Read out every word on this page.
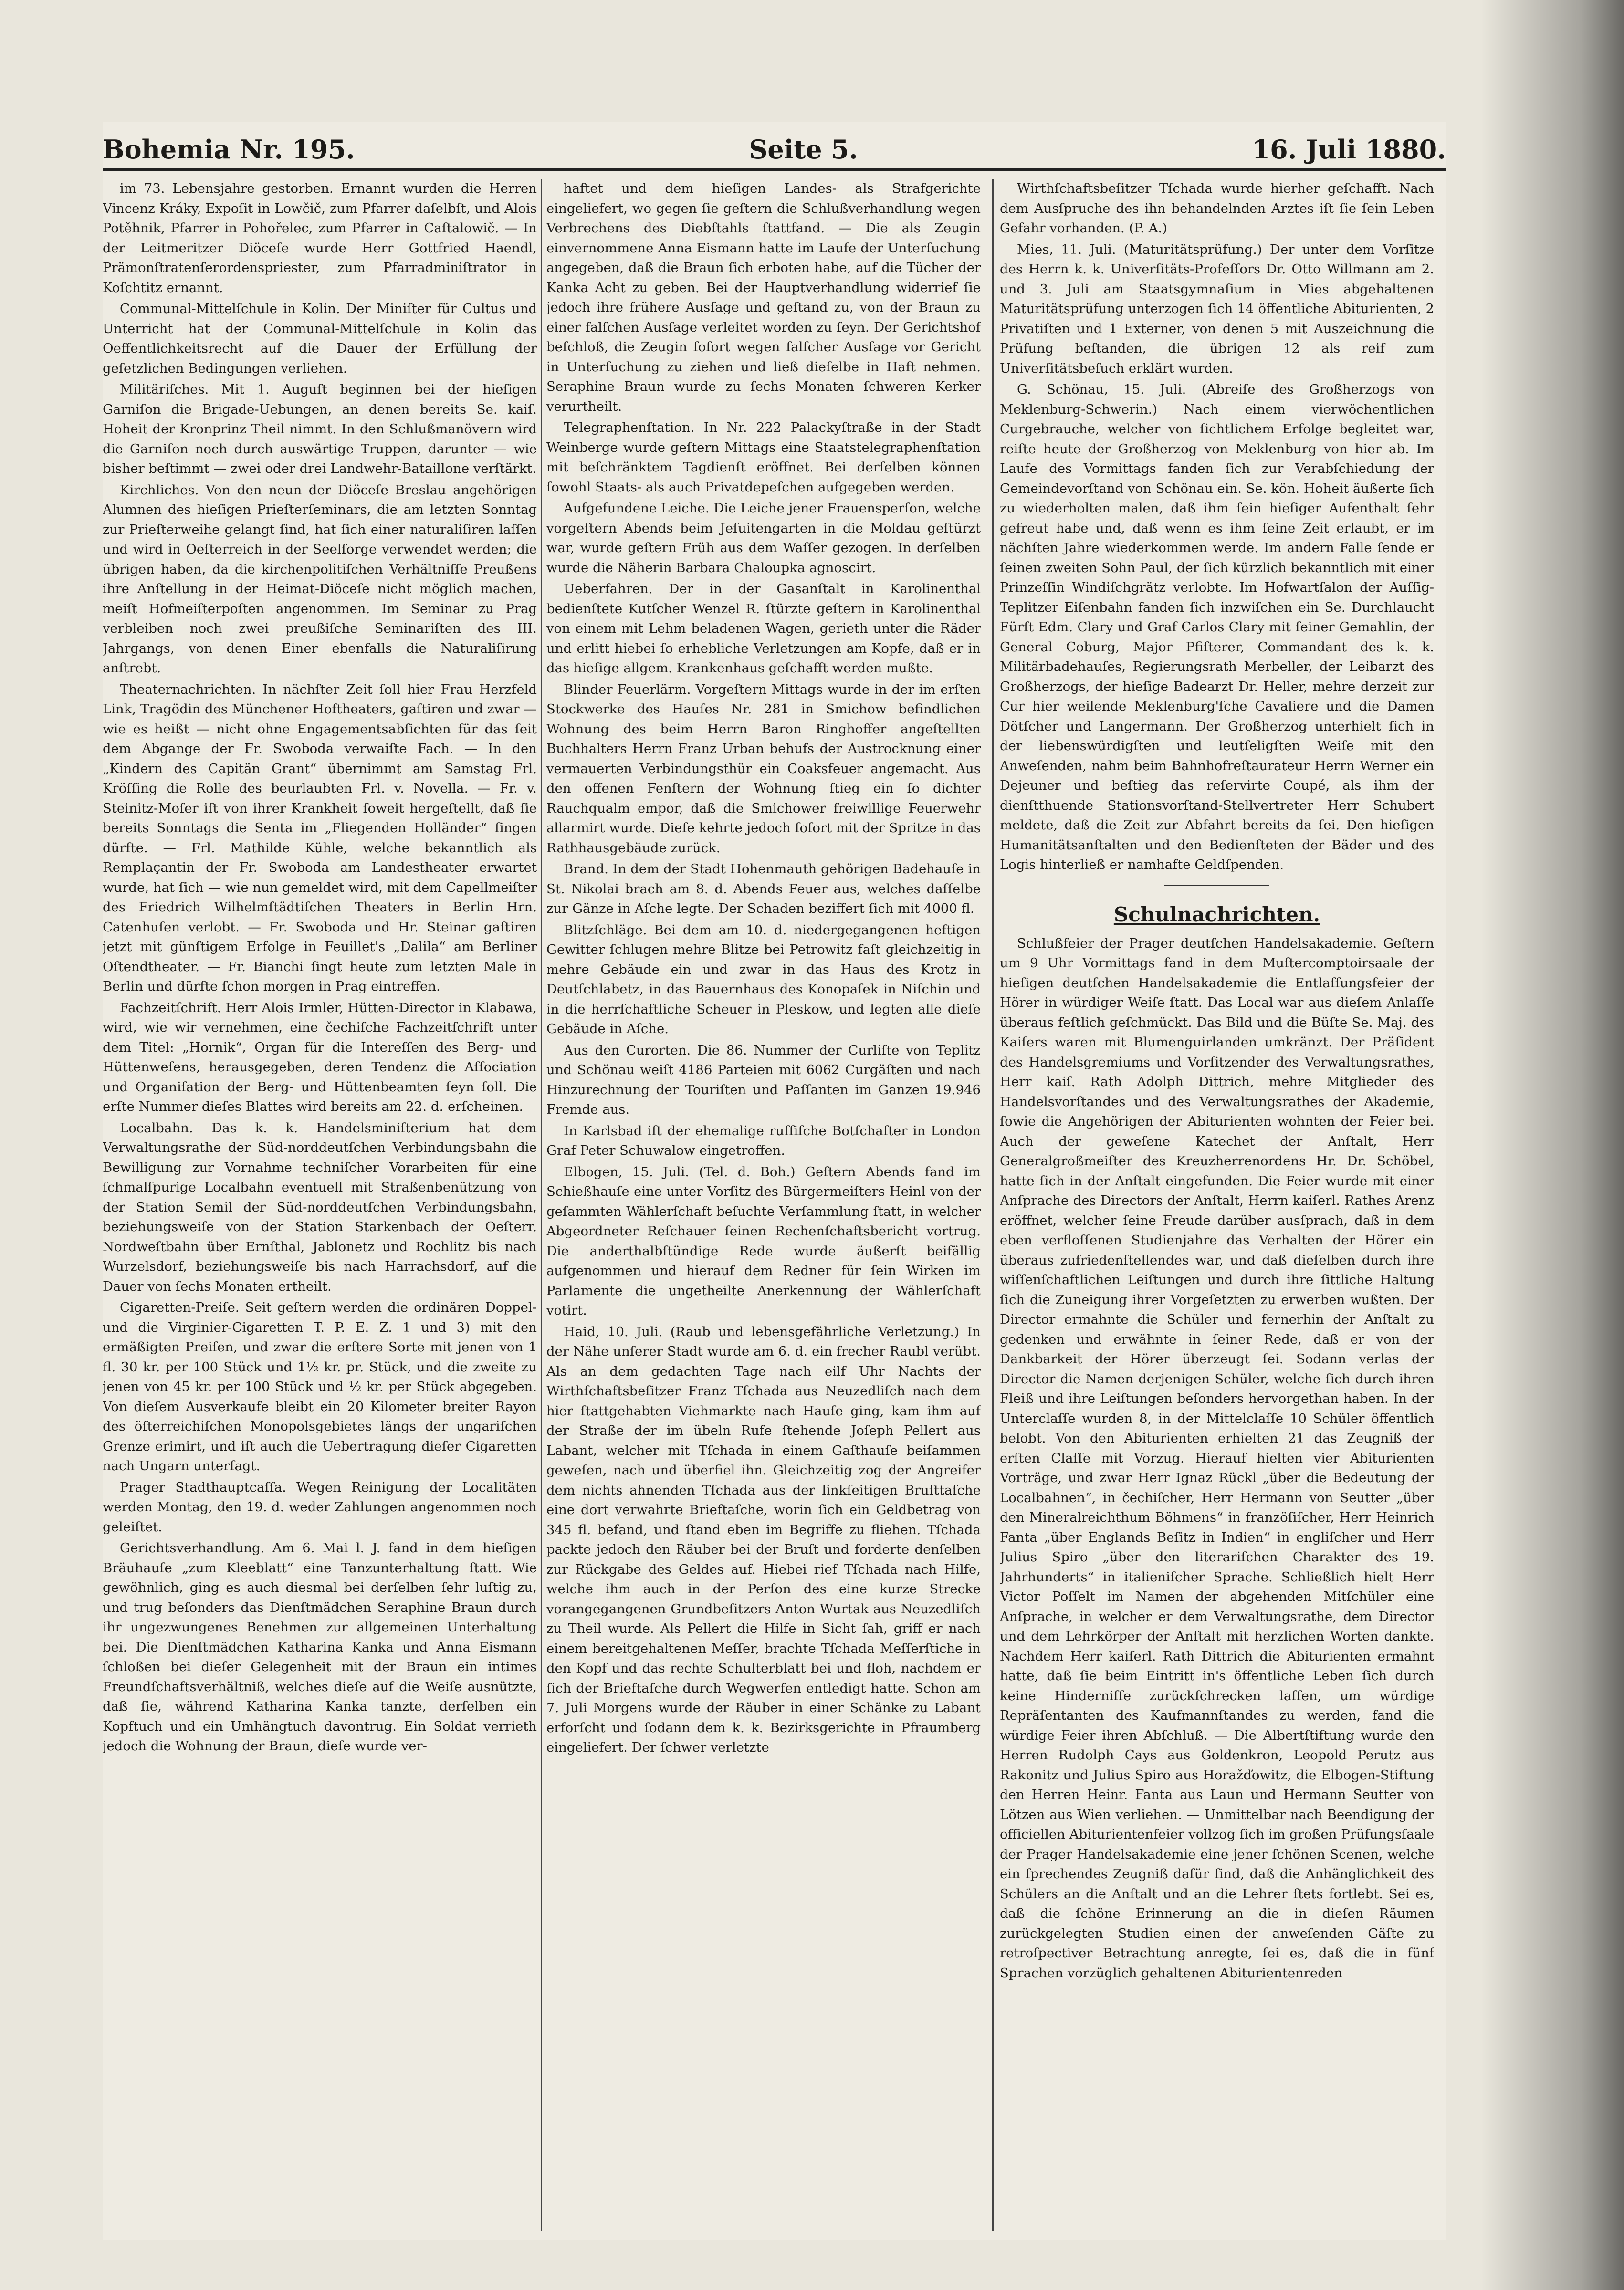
Bohemia Nr. 195.	Seite 5.	16. Juli 1880.

im 73. Lebensjahre gestorben. Ernannt wurden die Herren Vincenz Kráky, Expoſit in Lowčič, zum Pfarrer daſelbſt, und Alois Potěhnik, Pfarrer in Pohořelec, zum Pfarrer in Caſtalowič. — In der Leitmeritzer Diöceſe wurde Herr Gottfried Haendl, Prämonſtratenſerordenspriester, zum Pfarradminiſtrator in Koſchtitz ernannt.

Communal-Mittelſchule in Kolin. Der Miniſter für Cultus und Unterricht hat der Communal-Mittelſchule in Kolin das Oeffentlichkeitsrecht auf die Dauer der Erfüllung der geſetzlichen Bedingungen verliehen.

Militäriſches. Mit 1. Auguſt beginnen bei der hieſigen Garniſon die Brigade-Uebungen, an denen bereits Se. kaiſ. Hoheit der Kronprinz Theil nimmt. In den Schlußmanövern wird die Garniſon noch durch auswärtige Truppen, darunter — wie bisher beſtimmt — zwei oder drei Landwehr-Bataillone verſtärkt.

Kirchliches. Von den neun der Diöceſe Breslau angehörigen Alumnen des hieſigen Prieſterſeminars, die am letzten Sonntag zur Prieſterweihe gelangt ſind, hat ſich einer naturaliſiren laſſen und wird in Oeſterreich in der Seelſorge verwendet werden; die übrigen haben, da die kirchenpolitiſchen Verhältniſſe Preußens ihre Anſtellung in der Heimat-Diöceſe nicht möglich machen, meiſt Hofmeiſterpoſten angenommen. Im Seminar zu Prag verbleiben noch zwei preußiſche Seminariſten des III. Jahrgangs, von denen Einer ebenfalls die Naturaliſirung anſtrebt.

Theaternachrichten. In nächſter Zeit ſoll hier Frau Herzfeld Link, Tragödin des Münchener Hoftheaters, gaſtiren und zwar — wie es heißt — nicht ohne Engagementsabſichten für das ſeit dem Abgange der Fr. Swoboda verwaiſte Fach. — In den „Kindern des Capitän Grant“ übernimmt am Samstag Frl. Kröſſing die Rolle des beurlaubten Frl. v. Novella. — Fr. v. Steinitz-Moſer iſt von ihrer Krankheit ſoweit hergeſtellt, daß ſie bereits Sonntags die Senta im „Fliegenden Holländer“ ſingen dürfte. — Frl. Mathilde Kühle, welche bekanntlich als Remplaçantin der Fr. Swoboda am Landestheater erwartet wurde, hat ſich — wie nun gemeldet wird, mit dem Capellmeiſter des Friedrich Wilhelmſtädtiſchen Theaters in Berlin Hrn. Catenhuſen verlobt. — Fr. Swoboda und Hr. Steinar gaſtiren jetzt mit günſtigem Erfolge in Feuillet's „Dalila“ am Berliner Oſtendtheater. — Fr. Bianchi ſingt heute zum letzten Male in Berlin und dürfte ſchon morgen in Prag eintreffen.

Fachzeitſchrift. Herr Alois Irmler, Hütten-Director in Klabawa, wird, wie wir vernehmen, eine čechiſche Fachzeitſchrift unter dem Titel: „Hornik“, Organ für die Intereſſen des Berg- und Hüttenweſens, herausgegeben, deren Tendenz die Aſſociation und Organiſation der Berg- und Hüttenbeamten ſeyn ſoll. Die erſte Nummer dieſes Blattes wird bereits am 22. d. erſcheinen.

Localbahn. Das k. k. Handelsminiſterium hat dem Verwaltungsrathe der Süd-norddeutſchen Verbindungsbahn die Bewilligung zur Vornahme techniſcher Vorarbeiten für eine ſchmalſpurige Localbahn eventuell mit Straßenbenützung von der Station Semil der Süd-norddeutſchen Verbindungsbahn, beziehungsweiſe von der Station Starkenbach der Oeſterr. Nordweſtbahn über Ernſthal, Jablonetz und Rochlitz bis nach Wurzelsdorf, beziehungsweiſe bis nach Harrachsdorf, auf die Dauer von ſechs Monaten ertheilt.

Cigaretten-Preiſe. Seit geſtern werden die ordinären Doppel- und die Virginier-Cigaretten T. P. E. Z. 1 und 3) mit den ermäßigten Preiſen, und zwar die erſtere Sorte mit jenen von 1 fl. 30 kr. per 100 Stück und 1½ kr. pr. Stück, und die zweite zu jenen von 45 kr. per 100 Stück und ½ kr. per Stück abgegeben. Von dieſem Ausverkaufe bleibt ein 20 Kilometer breiter Rayon des öſterreichiſchen Monopolsgebietes längs der ungariſchen Grenze erimirt, und iſt auch die Uebertragung dieſer Cigaretten nach Ungarn unterſagt.

Prager Stadthauptcaſſa. Wegen Reinigung der Localitäten werden Montag, den 19. d. weder Zahlungen angenommen noch geleiſtet.

Gerichtsverhandlung. Am 6. Mai l. J. fand in dem hieſigen Bräuhauſe „zum Kleeblatt“ eine Tanzunterhaltung ſtatt. Wie gewöhnlich, ging es auch diesmal bei derſelben ſehr luſtig zu, und trug beſonders das Dienſtmädchen Seraphine Braun durch ihr ungezwungenes Benehmen zur allgemeinen Unterhaltung bei. Die Dienſtmädchen Katharina Kanka und Anna Eismann ſchloßen bei dieſer Gelegenheit mit der Braun ein intimes Freundſchaftsverhältniß, welches dieſe auf die Weiſe ausnützte, daß ſie, während Katharina Kanka tanzte, derſelben ein Kopftuch und ein Umhängtuch davontrug. Ein Soldat verrieth jedoch die Wohnung der Braun, dieſe wurde ver-

haftet und dem hieſigen Landes- als Strafgerichte eingeliefert, wo gegen ſie geſtern die Schlußverhandlung wegen Verbrechens des Diebſtahls ſtattfand. — Die als Zeugin einvernommene Anna Eismann hatte im Laufe der Unterſuchung angegeben, daß die Braun ſich erboten habe, auf die Tücher der Kanka Acht zu geben. Bei der Hauptverhandlung widerrief ſie jedoch ihre frühere Ausſage und geſtand zu, von der Braun zu einer falſchen Ausſage verleitet worden zu ſeyn. Der Gerichtshof beſchloß, die Zeugin ſofort wegen falſcher Ausſage vor Gericht in Unterſuchung zu ziehen und ließ dieſelbe in Haft nehmen. Seraphine Braun wurde zu ſechs Monaten ſchweren Kerker verurtheilt.

Telegraphenſtation. In Nr. 222 Palackyſtraße in der Stadt Weinberge wurde geſtern Mittags eine Staatstelegraphenſtation mit beſchränktem Tagdienſt eröffnet. Bei derſelben können ſowohl Staats- als auch Privatdepeſchen aufgegeben werden.

Aufgefundene Leiche. Die Leiche jener Frauensperſon, welche vorgeſtern Abends beim Jeſuitengarten in die Moldau geſtürzt war, wurde geſtern Früh aus dem Waſſer gezogen. In derſelben wurde die Näherin Barbara Chaloupka agnoscirt.

Ueberfahren. Der in der Gasanſtalt in Karolinenthal bedienſtete Kutſcher Wenzel R. ſtürzte geſtern in Karolinenthal von einem mit Lehm beladenen Wagen, gerieth unter die Räder und erlitt hiebei ſo erhebliche Verletzungen am Kopfe, daß er in das hieſige allgem. Krankenhaus geſchafft werden mußte.

Blinder Feuerlärm. Vorgeſtern Mittags wurde in der im erſten Stockwerke des Hauſes Nr. 281 in Smichow befindlichen Wohnung des beim Herrn Baron Ringhoffer angeſtellten Buchhalters Herrn Franz Urban behufs der Austrocknung einer vermauerten Verbindungsthür ein Coaksfeuer angemacht. Aus den offenen Fenſtern der Wohnung ſtieg ein ſo dichter Rauchqualm empor, daß die Smichower freiwillige Feuerwehr allarmirt wurde. Dieſe kehrte jedoch ſofort mit der Spritze in das Rathhausgebäude zurück.

Brand. In dem der Stadt Hohenmauth gehörigen Badehauſe in St. Nikolai brach am 8. d. Abends Feuer aus, welches daſſelbe zur Gänze in Aſche legte. Der Schaden beziffert ſich mit 4000 fl.

Blitzſchläge. Bei dem am 10. d. niedergegangenen heftigen Gewitter ſchlugen mehre Blitze bei Petrowitz faſt gleichzeitig in mehre Gebäude ein und zwar in das Haus des Krotz in Deutſchlabetz, in das Bauernhaus des Konopaſek in Niſchin und in die herrſchaftliche Scheuer in Pleskow, und legten alle dieſe Gebäude in Aſche.

Aus den Curorten. Die 86. Nummer der Curliſte von Teplitz und Schönau weiſt 4186 Parteien mit 6062 Curgäſten und nach Hinzurechnung der Touriſten und Paſſanten im Ganzen 19.946 Fremde aus.

In Karlsbad iſt der ehemalige ruſſiſche Botſchafter in London Graf Peter Schuwalow eingetroffen.

Elbogen, 15. Juli. (Tel. d. Boh.) Geſtern Abends fand im Schießhauſe eine unter Vorſitz des Bürgermeiſters Heinl von der geſammten Wählerſchaft beſuchte Verſammlung ſtatt, in welcher Abgeordneter Reſchauer ſeinen Rechenſchaftsbericht vortrug. Die anderthalbſtündige Rede wurde äußerſt beifällig aufgenommen und hierauf dem Redner für ſein Wirken im Parlamente die ungetheilte Anerkennung der Wählerſchaft votirt.

Haid, 10. Juli. (Raub und lebensgefährliche Verletzung.) In der Nähe unſerer Stadt wurde am 6. d. ein frecher Raubl verübt. Als an dem gedachten Tage nach eilf Uhr Nachts der Wirthſchaftsbeſitzer Franz Tſchada aus Neuzedliſch nach dem hier ſtattgehabten Viehmarkte nach Hauſe ging, kam ihm auf der Straße der im übeln Rufe ſtehende Joſeph Pellert aus Labant, welcher mit Tſchada in einem Gaſthauſe beiſammen geweſen, nach und überfiel ihn. Gleichzeitig zog der Angreifer dem nichts ahnenden Tſchada aus der linkſeitigen Bruſttaſche eine dort verwahrte Brieftaſche, worin ſich ein Geldbetrag von 345 fl. befand, und ſtand eben im Begriffe zu fliehen. Tſchada packte jedoch den Räuber bei der Bruſt und forderte denſelben zur Rückgabe des Geldes auf. Hiebei rief Tſchada nach Hilfe, welche ihm auch in der Perſon des eine kurze Strecke vorangegangenen Grundbeſitzers Anton Wurtak aus Neuzedliſch zu Theil wurde. Als Pellert die Hilfe in Sicht ſah, griff er nach einem bereitgehaltenen Meſſer, brachte Tſchada Meſſerſtiche in den Kopf und das rechte Schulterblatt bei und floh, nachdem er ſich der Brieftaſche durch Wegwerfen entledigt hatte. Schon am 7. Juli Morgens wurde der Räuber in einer Schänke zu Labant erforſcht und ſodann dem k. k. Bezirksgerichte in Pfraumberg eingeliefert. Der ſchwer verletzte

Wirthſchaftsbeſitzer Tſchada wurde hierher geſchafft. Nach dem Ausſpruche des ihn behandelnden Arztes iſt ſie ſein Leben Gefahr vorhanden. (P. A.)

Mies, 11. Juli. (Maturitätsprüfung.) Der unter dem Vorſitze des Herrn k. k. Univerſitäts-Profeſſors Dr. Otto Willmann am 2. und 3. Juli am Staatsgymnaſium in Mies abgehaltenen Maturitätsprüfung unterzogen ſich 14 öffentliche Abiturienten, 2 Privatiſten und 1 Externer, von denen 5 mit Auszeichnung die Prüfung beſtanden, die übrigen 12 als reif zum Univerſitätsbeſuch erklärt wurden.

G. Schönau, 15. Juli. (Abreiſe des Großherzogs von Meklenburg-Schwerin.) Nach einem vierwöchentlichen Curgebrauche, welcher von ſichtlichem Erfolge begleitet war, reiſte heute der Großherzog von Meklenburg von hier ab. Im Laufe des Vormittags fanden ſich zur Verabſchiedung der Gemeindevorſtand von Schönau ein. Se. kön. Hoheit äußerte ſich zu wiederholten malen, daß ihm ſein hieſiger Aufenthalt ſehr gefreut habe und, daß wenn es ihm ſeine Zeit erlaubt, er im nächſten Jahre wiederkommen werde. Im andern Falle ſende er ſeinen zweiten Sohn Paul, der ſich kürzlich bekanntlich mit einer Prinzeſſin Windiſchgrätz verlobte. Im Hofwartſalon der Auſſig-Teplitzer Eiſenbahn fanden ſich inzwiſchen ein Se. Durchlaucht Fürſt Edm. Clary und Graf Carlos Clary mit ſeiner Gemahlin, der General Coburg, Major Pfiſterer, Commandant des k. k. Militärbadehauſes, Regierungsrath Merbeller, der Leibarzt des Großherzogs, der hieſige Badearzt Dr. Heller, mehre derzeit zur Cur hier weilende Meklenburg'ſche Cavaliere und die Damen Dötſcher und Langermann. Der Großherzog unterhielt ſich in der liebenswürdigſten und leutſeligſten Weiſe mit den Anweſenden, nahm beim Bahnhofreſtaurateur Herrn Werner ein Dejeuner und beſtieg das reſervirte Coupé, als ihm der dienſtthuende Stationsvorſtand-Stellvertreter Herr Schubert meldete, daß die Zeit zur Abfahrt bereits da ſei. Den hieſigen Humanitätsanſtalten und den Bedienſteten der Bäder und des Logis hinterließ er namhafte Geldſpenden.

Schulnachrichten.

Schlußfeier der Prager deutſchen Handelsakademie. Geſtern um 9 Uhr Vormittags fand in dem Muſtercomptoirsaale der hieſigen deutſchen Handelsakademie die Entlaſſungsfeier der Hörer in würdiger Weiſe ſtatt. Das Local war aus dieſem Anlaſſe überaus feſtlich geſchmückt. Das Bild und die Büſte Se. Maj. des Kaiſers waren mit Blumenguirlanden umkränzt. Der Präſident des Handelsgremiums und Vorſitzender des Verwaltungsrathes, Herr kaiſ. Rath Adolph Dittrich, mehre Mitglieder des Handelsvorſtandes und des Verwaltungsrathes der Akademie, ſowie die Angehörigen der Abiturienten wohnten der Feier bei. Auch der geweſene Katechet der Anſtalt, Herr Generalgroßmeiſter des Kreuzherrenordens Hr. Dr. Schöbel, hatte ſich in der Anſtalt eingefunden. Die Feier wurde mit einer Anſprache des Directors der Anſtalt, Herrn kaiſerl. Rathes Arenz eröffnet, welcher ſeine Freude darüber ausſprach, daß in dem eben verfloſſenen Studienjahre das Verhalten der Hörer ein überaus zufriedenſtellendes war, und daß dieſelben durch ihre wiſſenſchaftlichen Leiſtungen und durch ihre ſittliche Haltung ſich die Zuneigung ihrer Vorgeſetzten zu erwerben wußten. Der Director ermahnte die Schüler und fernerhin der Anſtalt zu gedenken und erwähnte in ſeiner Rede, daß er von der Dankbarkeit der Hörer überzeugt ſei. Sodann verlas der Director die Namen derjenigen Schüler, welche ſich durch ihren Fleiß und ihre Leiſtungen beſonders hervorgethan haben. In der Unterclaſſe wurden 8, in der Mittelclaſſe 10 Schüler öffentlich belobt. Von den Abiturienten erhielten 21 das Zeugniß der erſten Claſſe mit Vorzug. Hierauf hielten vier Abiturienten Vorträge, und zwar Herr Ignaz Rückl „über die Bedeutung der Localbahnen“, in čechiſcher, Herr Hermann von Seutter „über den Mineralreichthum Böhmens“ in franzöſiſcher, Herr Heinrich Fanta „über Englands Beſitz in Indien“ in engliſcher und Herr Julius Spiro „über den literariſchen Charakter des 19. Jahrhunderts“ in italieniſcher Sprache. Schließlich hielt Herr Victor Poſſelt im Namen der abgehenden Mitſchüler eine Anſprache, in welcher er dem Verwaltungsrathe, dem Director und dem Lehrkörper der Anſtalt mit herzlichen Worten dankte. Nachdem Herr kaiſerl. Rath Dittrich die Abiturienten ermahnt hatte, daß ſie beim Eintritt in's öffentliche Leben ſich durch keine Hinderniſſe zurückſchrecken laſſen, um würdige Repräſentanten des Kaufmannſtandes zu werden, fand die würdige Feier ihren Abſchluß. — Die Albertſtiftung wurde den Herren Rudolph Cays aus Goldenkron, Leopold Perutz aus Rakonitz und Julius Spiro aus Horažďowitz, die Elbogen-Stiftung den Herren Heinr. Fanta aus Laun und Hermann Seutter von Lötzen aus Wien verliehen. — Unmittelbar nach Beendigung der officiellen Abiturientenfeier vollzog ſich im großen Prüfungsſaale der Prager Handelsakademie eine jener ſchönen Scenen, welche ein ſprechendes Zeugniß dafür ſind, daß die Anhänglichkeit des Schülers an die Anſtalt und an die Lehrer ſtets fortlebt. Sei es, daß die ſchöne Erinnerung an die in dieſen Räumen zurückgelegten Studien einen der anweſenden Gäſte zu retroſpectiver Betrachtung anregte, ſei es, daß die in fünf Sprachen vorzüglich gehaltenen Abiturientenreden
